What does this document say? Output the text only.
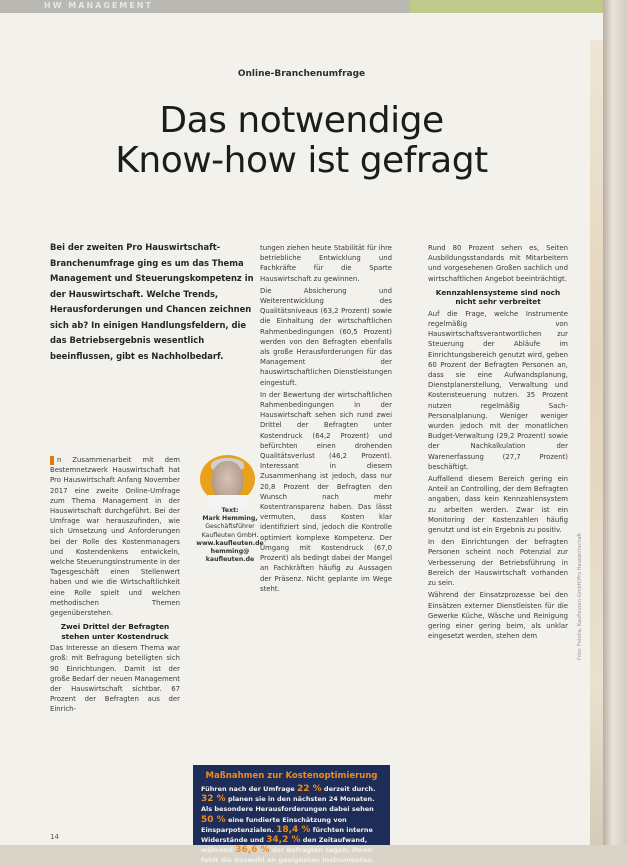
HW MANAGEMENT
Online-Branchenumfrage
Das notwendige
Know-how ist gefragt
Bei der zweiten Pro Hauswirtschaft-Branchenumfrage ging es um das Thema Management und Steuerungskompetenz in der Hauswirtschaft. Welche Trends, Herausforderungen und Chancen zeichnen sich ab? In einigen Handlungsfeldern, die das Betriebsergebnis wesentlich beeinflussen, gibt es Nachholbedarf.

n Zusammenarbeit mit dem Bestemnetzwerk Hauswirtschaft hat Pro Hauswirtschaft Anfang November 2017 eine zweite Online-Umfrage zum Thema Management in der Hauswirtschaft durchgeführt. Bei der Umfrage war herauszufinden, wie sich Umsetzung und Anforderungen bei der Rolle des Kostenmanagers und Kostendenkens entwickeln, welche Steuerungsinstrumente in der Tagesgeschäft einen Stellenwert haben und wie die Wirtschaftlichkeit eine Rolle spielt und welchen methodischen Themen gegenüberstehen.

Zwei Drittel der Befragten stehen unter Kostendruck

Das Interesse an diesem Thema war groß: mit Befragung beteiligten sich 90 Einrichtungen. Damit ist der große Bedarf der neuen Management der Hauswirtschaft sichtbar. 67 Prozent der Befragten aus der Einrich-

Text:
Mark Hemming,
Geschäftsführer Kaufleuten GmbH,
www.kaufleuten.de
hemming@
kaufleuten.de

tungen ziehen heute Stabilität für ihre betriebliche Entwicklung und Fachkräfte für die Sparte Hauswirtschaft zu gewinnen.

Die Absicherung und Weiterentwicklung des Qualitätsniveaus (63,2 Prozent) sowie die Einhaltung der wirtschaftlichen Rahmenbedingungen (60,5 Prozent) werden von den Befragten ebenfalls als große Herausforderungen für das Management der hauswirtschaftlichen Dienstleistungen eingestuft.

In der Bewertung der wirtschaftlichen Rahmenbedingungen in der Hauswirtschaft sehen sich rund zwei Drittel der Befragten unter Kostendruck (64,2 Prozent) und befürchten einen drohenden Qualitätsverlust (46,2 Prozent). Interessant in diesem Zusammenhang ist jedoch, dass nur 20,8 Prozent der Befragten den Wunsch nach mehr Kostentransparenz haben. Das lässt vermuten, dass Kosten klar identifiziert sind, jedoch die Kontrolle optimiert komplexe Kompetenz. Der Umgang mit Kostendruck (67,0 Prozent) als bedingt dabei der Mangel an Fachkräften häufig zu Aussagen der Präsenz. Nicht geplante im Wege steht.

Rund 80 Prozent sehen es, Seiten Ausbildungsstandards mit Mitarbeitern und vorgesehenen Großen sachlich und wirtschaftlichen Angebot beeinträchtigt.

Kennzahlensysteme sind noch nicht sehr verbreitet

Auf die Frage, welche Instrumente regelmäßig von Hauswirtschaftsverantwortlichen zur Steuerung der Abläufe im Einrichtungsbereich genutzt wird, geben 60 Prozent der Befragten Personen an, dass sie eine Aufwandsplanung, Dienstplanerstellung, Verwaltung und Kostensteuerung nutzen. 35 Prozent nutzen regelmäßig Sach-Personalplanung. Weniger weniger wurden jedoch mit der monatlichen Budget-Verwaltung (29,2 Prozent) sowie der Nachkalkulation der Warenerfassung (27,7 Prozent) beschäftigt.

Auffallend diesem Bereich gering ein Anteil an Controlling, der dem Befragten angaben, dass kein Kennzahlensystem zu arbeiten werden. Zwar ist ein Monitoring der Kostenzahlen häufig genutzt und ist ein Ergebnis zu positiv.

In den Einrichtungen der befragten Personen scheint noch Potenzial zur Verbesserung der Betriebsführung in Bereich der Hauswirtschaft vorhanden zu sein.

Während der Einsatzprozesse bei den Einsätzen externer Dienstleisten für die Gewerke Küche, Wäsche und Reinigung gering einer gering beim, als unklar eingesetzt werden, stehen dem

Maßnahmen zur Kostenoptimierung
Führen nach der Umfrage 22 % derzeit durch. 32 % planen sie in den nächsten 24 Monaten. Als besondere Herausforderungen dabei sehen 50 % eine fundierte Einschätzung von Einsparpotenzialen. 18,4 % fürchten interne Widerstände und 34,2 % den Zeitaufwand, während 36,6 % der Befragten sagen, ihnen fehlt die Auswahl an geeigneten Instrumenten.
14
Foto: Fotolia, Kaufleuten-GmbH/Pro Hauswirtschaft
